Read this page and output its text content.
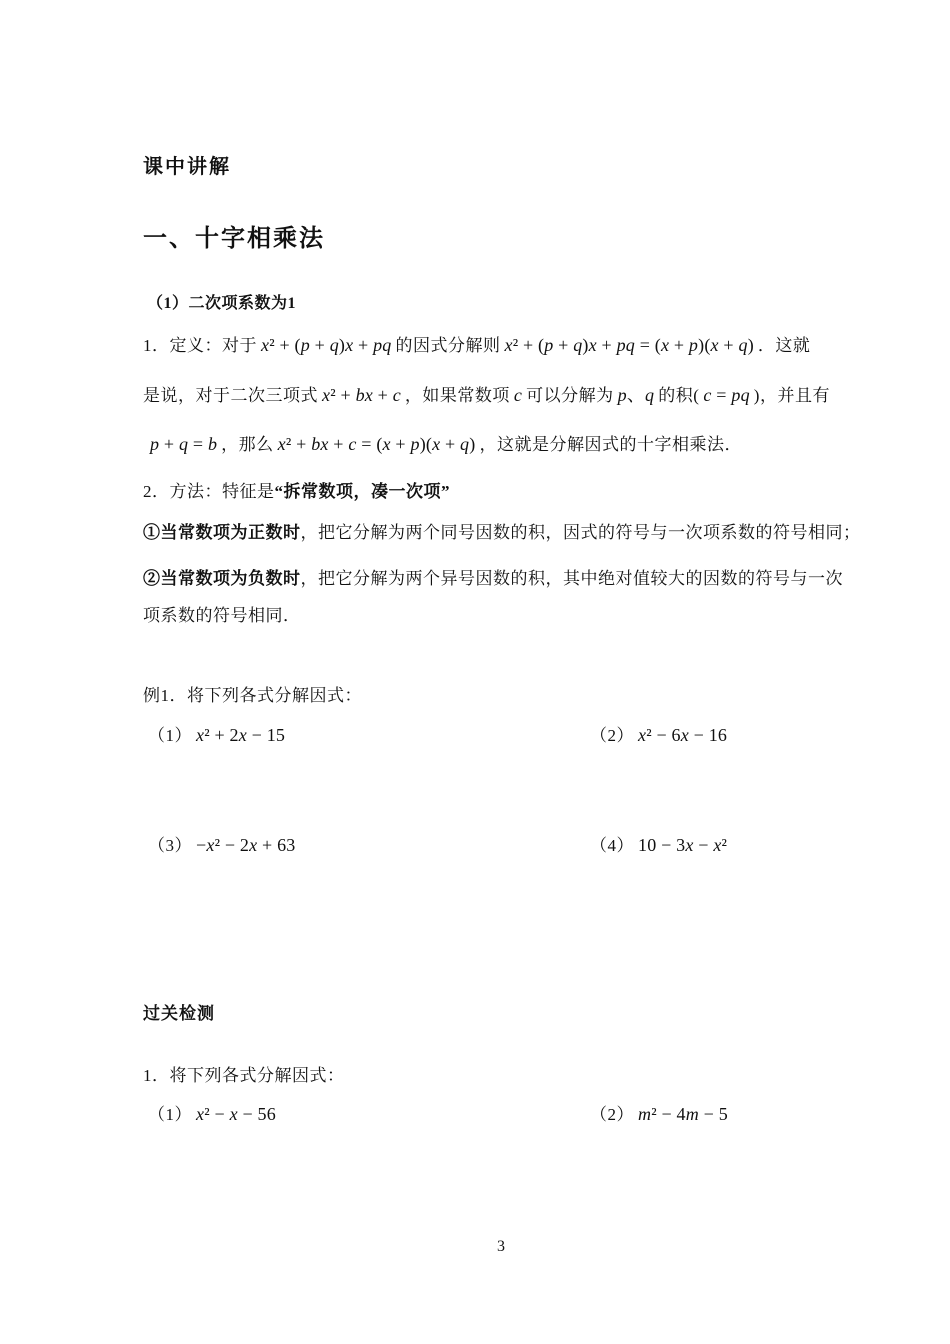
课中讲解
一、十字相乘法
（1）二次项系数为1
1．定义：对于 x² + (p + q)x + pq 的因式分解则 x² + (p + q)x + pq = (x + p)(x + q) ．这就
是说，对于二次三项式 x² + bx + c ，如果常数项 c 可以分解为 p、q 的积( c = pq )，并且有
p + q = b ，那么 x² + bx + c = (x + p)(x + q) ，这就是分解因式的十字相乘法．
2．方法：特征是“拆常数项，凑一次项”
①当常数项为正数时，把它分解为两个同号因数的积，因式的符号与一次项系数的符号相同；
②当常数项为负数时，把它分解为两个异号因数的积，其中绝对值较大的因数的符号与一次
项系数的符号相同．
例1．将下列各式分解因式：
（1） x² + 2x − 15	（2） x² − 6x − 16
（3） −x² − 2x + 63	（4） 10 − 3x − x²
过关检测
1．将下列各式分解因式：
（1） x² − x − 56	（2） m² − 4m − 5
3
